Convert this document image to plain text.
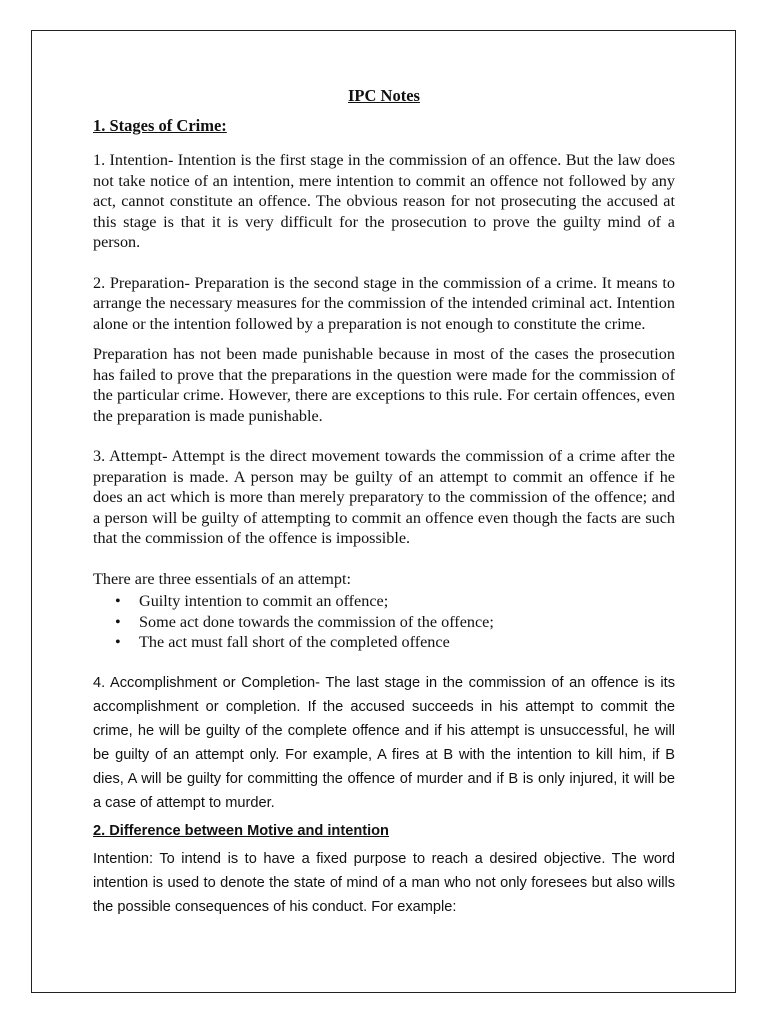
IPC Notes
1. Stages of Crime:

1. Intention- Intention is the first stage in the commission of an offence. But the law does not take notice of an intention, mere intention to commit an offence not followed by any act, cannot constitute an offence. The obvious reason for not prosecuting the accused at this stage is that it is very difficult for the prosecution to prove the guilty mind of a person.

2. Preparation- Preparation is the second stage in the commission of a crime. It means to arrange the necessary measures for the commission of the intended criminal act. Intention alone or the intention followed by a preparation is not enough to constitute the crime.

Preparation has not been made punishable because in most of the cases the prosecution has failed to prove that the preparations in the question were made for the commission of the particular crime. However, there are exceptions to this rule. For certain offences, even the preparation is made punishable.

3. Attempt- Attempt is the direct movement towards the commission of a crime after the preparation is made. A person may be guilty of an attempt to commit an offence if he does an act which is more than merely preparatory to the commission of the offence; and a person will be guilty of attempting to commit an offence even though the facts are such that the commission of the offence is impossible.

There are three essentials of an attempt:

• Guilty intention to commit an offence;
• Some act done towards the commission of the offence;
• The act must fall short of the completed offence

4. Accomplishment or Completion- The last stage in the commission of an offence is its accomplishment or completion. If the accused succeeds in his attempt to commit the crime, he will be guilty of the complete offence and if his attempt is unsuccessful, he will be guilty of an attempt only. For example, A fires at B with the intention to kill him, if B dies, A will be guilty for committing the offence of murder and if B is only injured, it will be a case of attempt to murder.

2. Difference between Motive and intention

Intention: To intend is to have a fixed purpose to reach a desired objective. The word intention is used to denote the state of mind of a man who not only foresees but also wills the possible consequences of his conduct. For example:
